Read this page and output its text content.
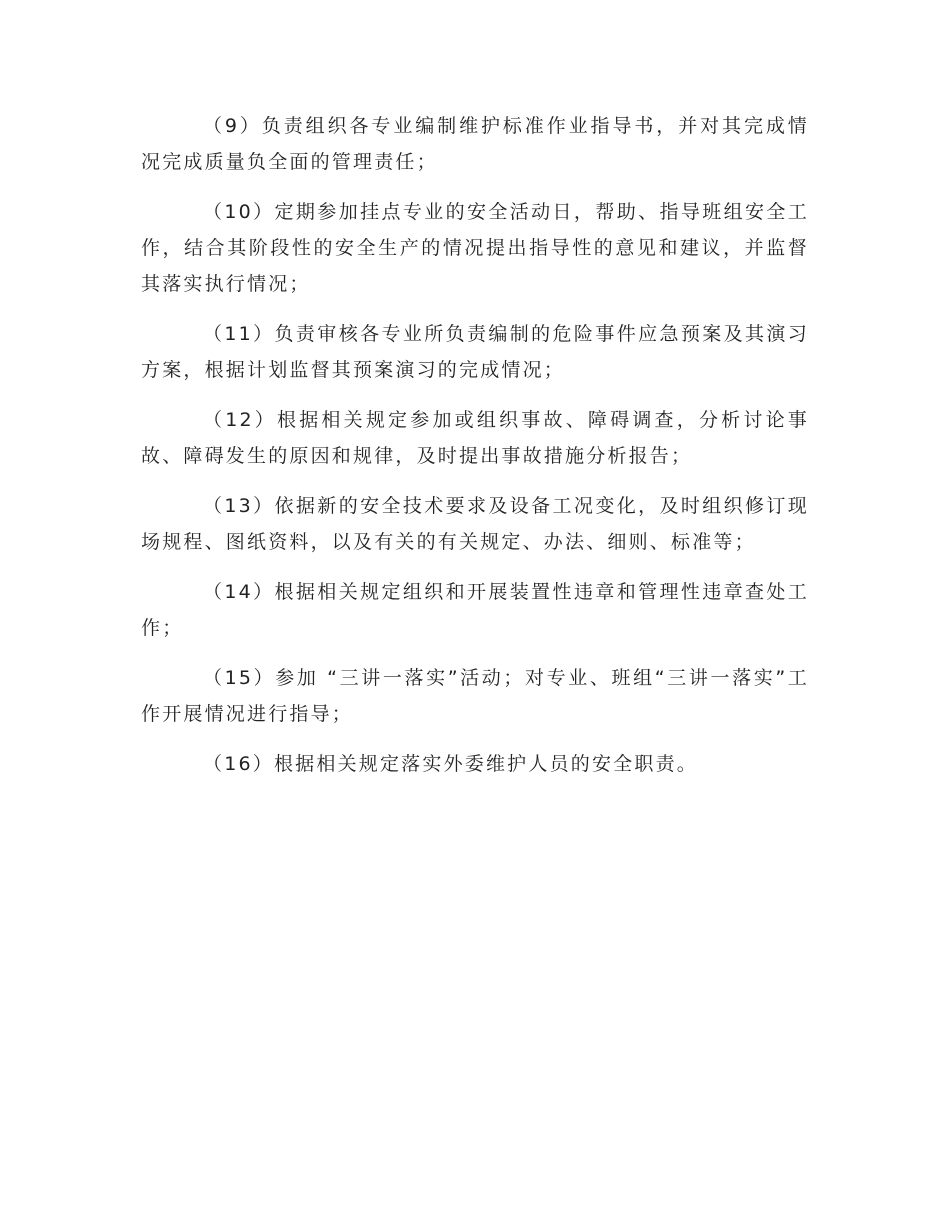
（9）负责组织各专业编制维护标准作业指导书，并对其完成情况完成质量负全面的管理责任；

（10）定期参加挂点专业的安全活动日，帮助、指导班组安全工作，结合其阶段性的安全生产的情况提出指导性的意见和建议，并监督其落实执行情况；

（11）负责审核各专业所负责编制的危险事件应急预案及其演习方案，根据计划监督其预案演习的完成情况；

（12）根据相关规定参加或组织事故、障碍调查，分析讨论事故、障碍发生的原因和规律，及时提出事故措施分析报告；

（13）依据新的安全技术要求及设备工况变化，及时组织修订现场规程、图纸资料，以及有关的有关规定、办法、细则、标准等；

（14）根据相关规定组织和开展装置性违章和管理性违章查处工作；

（15）参加 “三讲一落实”活动；对专业、班组“三讲一落实”工作开展情况进行指导；

（16）根据相关规定落实外委维护人员的安全职责。
